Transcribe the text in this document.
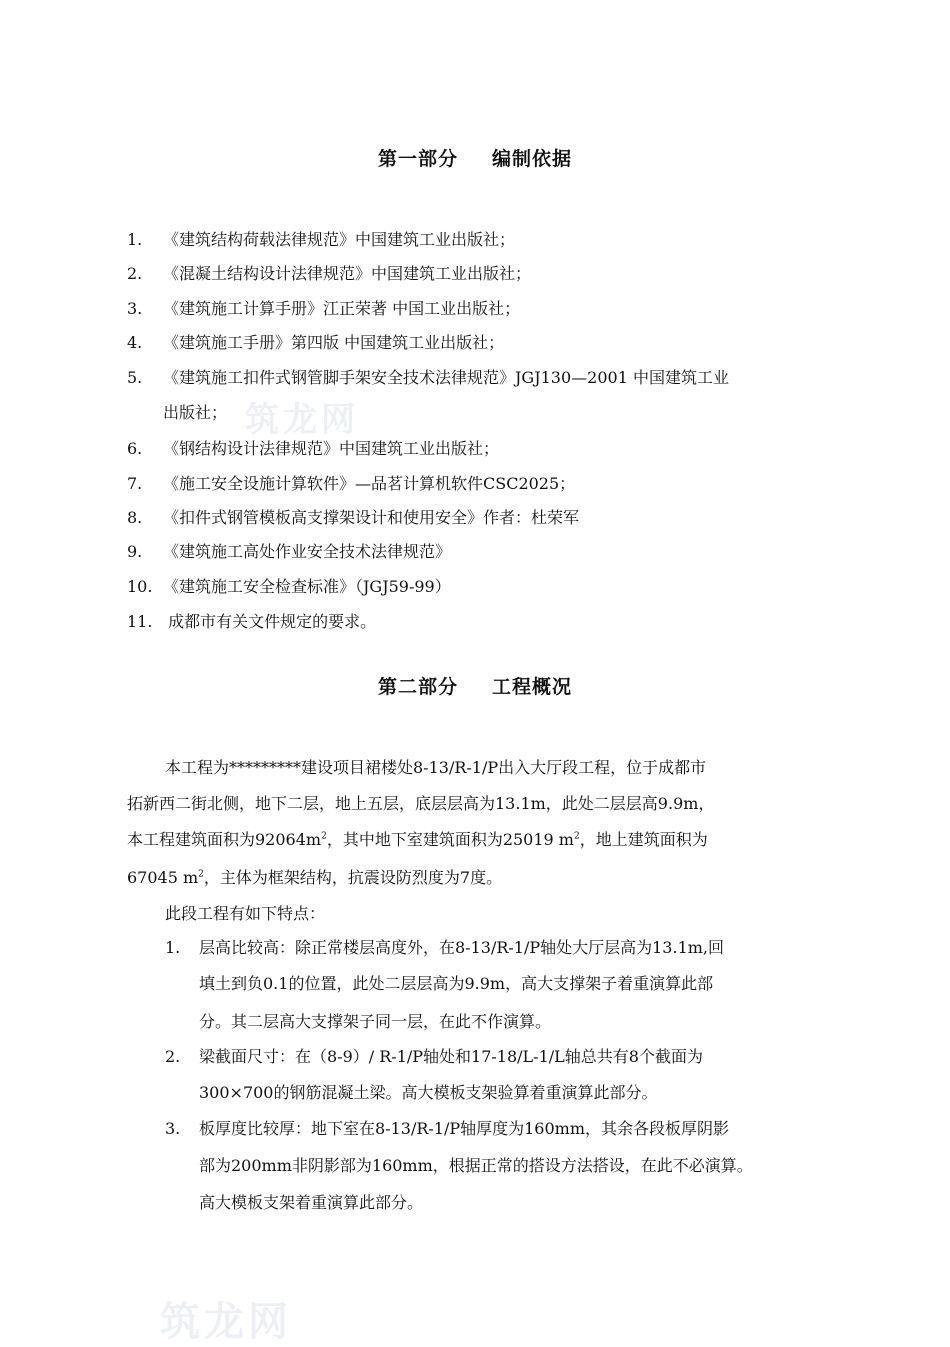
筑龙网
筑龙网
第一部分 编制依据
1. 《建筑结构荷载法律规范》中国建筑工业出版社；
2. 《混凝土结构设计法律规范》中国建筑工业出版社；
3. 《建筑施工计算手册》江正荣著 中国工业出版社；
4. 《建筑施工手册》第四版 中国建筑工业出版社；
5. 《建筑施工扣件式钢管脚手架安全技术法律规范》JGJ130—2001 中国建筑工业
出版社；
6. 《钢结构设计法律规范》中国建筑工业出版社；
7. 《施工安全设施计算软件》—品茗计算机软件CSC2025；
8. 《扣件式钢管模板高支撑架设计和使用安全》作者：杜荣军
9. 《建筑施工高处作业安全技术法律规范》
10. 《建筑施工安全检查标准》（JGJ59-99）
11. 成都市有关文件规定的要求。
第二部分 工程概况
本工程为*********建设项目裙楼处8-13/R-1/P出入大厅段工程，位于成都市
拓新西二街北侧，地下二层，地上五层，底层层高为13.1m，此处二层层高9.9m，
本工程建筑面积为$92064m^2$，其中地下室建筑面积为25019 $m^2$，地上建筑面积为
67045 $m^2$，主体为框架结构，抗震设防烈度为7度。
此段工程有如下特点：
1. 层高比较高：除正常楼层高度外，在8-13/R-1/P轴处大厅层高为13.1m,回
填土到负0.1的位置，此处二层层高为9.9m，高大支撑架子着重演算此部
分。其二层高大支撑架子同一层，在此不作演算。
2. 梁截面尺寸：在（8-9）/ R-1/P轴处和17-18/L-1/L轴总共有8个截面为
300×700的钢筋混凝土梁。高大模板支架验算着重演算此部分。
3. 板厚度比较厚：地下室在8-13/R-1/P轴厚度为160mm，其余各段板厚阴影
部为200mm非阴影部为160mm，根据正常的搭设方法搭设，在此不必演算。
高大模板支架着重演算此部分。
